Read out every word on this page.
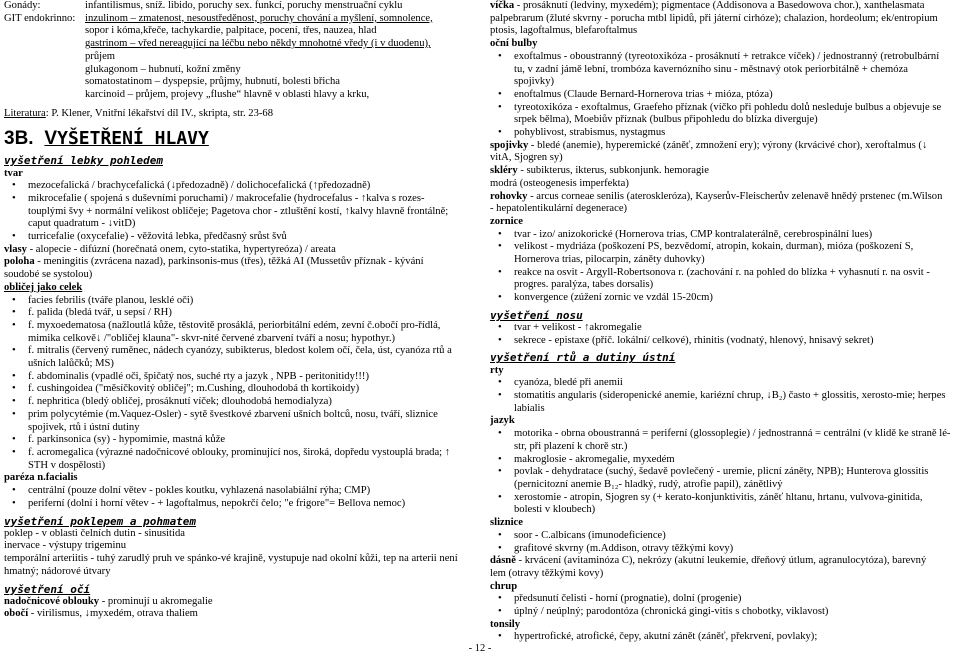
Gonády:	infantilismus, sníž. libido, poruchy sex. funkcí, poruchy menstruační cyklu
GIT endokrinno: inzulinom – zmatenost, nesoustředěnost, poruchy chování a myšlení, somnolence,
sopor i kóma,křeče, tachykardie, palpitace, pocení, třes, nauzea, hlad
gastrinom – vřed nereagující na léčbu nebo někdy mnohotné vředy (i v duodenu),
průjem
glukagonom – hubnutí, kožní změny
somatostatinom – dyspepsie, průjmy, hubnutí, bolesti břicha
karcinoid – průjem, projevy „flushe“ hlavně v oblasti hlavy a krku,
Literatura: P. Klener, Vnitřní lékařství díl IV., skripta, str. 23-68
3B. VYŠETŘENÍ HLAVY
vyšetření lebky pohledem
tvar
• mezocefalická / brachycefalická (↓předozadně) / dolichocefalická (↑předozadně)
• mikrocefalie ( spojená s duševními poruchami) / makrocefalie (hydrocefalus - ↑kalva s rozes-
touplými švy + normální velikost obličeje; Pagetova chor - ztluštění kostí, ↑kalvy hlavně frontálně;
caput quadratum - ↓vitD)
• turricefalie (oxycefalie) - věžovitá lebka, předčasný srůst švů
vlasy - alopecie - difúzní (horečnatá onem, cyto-statika, hypertyreóza) / areata
poloha - meningitis (zvrácena nazad), parkinsonis-mus (třes), těžká AI (Mussetův příznak - kývání
soudobé se systolou)
obličej jako celek
• facies febrilis (tváře planou, lesklé oči)
• f. palida (bledá tvář, u sepsí / RH)
• f. myxoedematosa (nažloutlá kůže, těstovitě prosáklá, periorbitální edém, zevní č.obočí pro-řídlá,
mimika celkově↓ /"obličej klauna"- skvr-nité červené zbarvení tváří a nosu; hypothyr.)
• f. mitralis (červený ruměnec, nádech cyanózy, subikterus, bledost kolem očí, čela, úst, cyanóza rtů a
ušních lalůčků; MS)
• f. abdominalis (vpadlé oči, špičatý nos, suché rty a jazyk , NPB - peritonitidy!!!)
• f. cushingoidea ("měsíčkovitý obličej"; m.Cushing, dlouhodobá th kortikoidy)
• f. nephritica (bledý obličej, prosáknutí víček; dlouhodobá hemodialyza)
• prim polycytémie (m.Vaquez-Osler) - sytě švestkové zbarvení ušních boltců, nosu, tváří, sliznice
spojivek, rtů i ústní dutiny
• f. parkinsonica (sy) - hypomimie, mastná kůže
• f. acromegalica (výrazné nadočnicové oblouky, prominující nos, široká, dopředu vystouplá brada; ↑
STH v dospělosti)
paréza n.facialis
• centrální (pouze dolní větev - pokles koutku, vyhlazená nasolabiální rýha; CMP)
• periferní (dolní i horní větev - + lagoftalmus, nepokrčí čelo; "e frigore"= Bellova nemoc)
vyšetření poklepem a pohmatem
poklep - v oblasti čelních dutin - sinusitida
inervace - výstupy trigeminu
temporální arteriitis - tuhý zarudlý pruh ve spánko-vé krajině, vystupuje nad okolní kůži, tep na arterii není
hmatný; nádorové útvary
vyšetření očí
nadočnicové oblouky - prominují u akromegalie
obočí - virilismus, ↓myxedém, otrava thaliem
víčka - prosáknutí (ledviny, myxedém); pigmentace (Addisonova a Basedowova chor.), xanthelasmata
palpebrarum (žluté skvrny - porucha mtbl lipidů, při játerní cirhóze); chalazion, hordeolum; ek/entropium
ptosis, lagoftalmus, blefaroftalmus
oční bulby
• exoftalmus - oboustranný (tyreotoxikóza - prosáknutí + retrakce víček) / jednostranný (retrobulbární
tu, v zadní jámě lební, trombóza kavernózního sinu - městnavý otok periorbitálně + chemóza
spojivky)
• enoftalmus (Claude Bernard-Hornerova trias + mióza, ptóza)
• tyreotoxikóza - exoftalmus, Graefeho příznak (víčko při pohledu dolů nesleduje bulbus a objevuje se
srpek bělma), Moebiův příznak (bulbus připohledu do blízka diverguje)
• pohyblivost, strabismus, nystagmus
spojivky - bledé (anemie), hyperemické (záněť, zmnožení ery); výrony (krvácivé chor), xeroftalmus (↓
vitA, Sjogren sy)
skléry - subikterus, ikterus, subkonjunk. hemoragie
modrá (osteogenesis imperfekta)
rohovky - arcus corneae senilis (ateroskleróza), Kayserův-Fleischerův zelenavě hnědý prstenec (m.Wilson
- hepatolentikulární degenerace)
zornice
• tvar - izo/ anizokorické (Hornerova trias, CMP kontralaterálně, cerebrospinální lues)
• velikost - mydriáza (poškození PS, bezvědomí, atropin, kokain, durman), mióza (poškození S,
Hornerova trias, pilocarpin, záněty duhovky)
• reakce na osvit - Argyll-Robertsonova r. (zachování r. na pohled do blízka + vyhasnutí r. na osvit -
progres. paralýza, tabes dorsalis)
• konvergence (zúžení zornic ve vzdál 15-20cm)
vyšetření nosu
• tvar + velikost - ↑akromegalie
• sekrece - epistaxe (příč. lokální/ celkové), rhinitis (vodnatý, hlenový, hnisavý sekret)
vyšetření rtů a dutiny ústní
rty
• cyanóza, bledé při anemii
• stomatitis angularis (sideropenické anemie, kariézní chrup, ↓B₂) často + glossitis, xerosto-mie; herpes
labialis
jazyk
• motorika - obrna oboustranná = periferní (glossoplegie) / jednostranná = centrální (v klidě ke straně lé-
str, při plazení k chorě str.)
• makroglosie - akromegalie, myxedém
• povlak - dehydratace (suchý, šedavě povlečený - uremie, plicní záněty, NPB); Hunterova glossitis
(pernicitozní anemie B₁₂- hladký, rudý, atrofie papil), zánětlivý
• xerostomie - atropin, Sjogren sy (+ kerato-konjunktivitis, záněť hltanu, hrtanu, vulvova-ginitida,
bolesti v kloubech)
sliznice
• soor - C.albicans (imunodeficience)
• grafitové skvrny (m.Addison, otravy těžkými kovy)
dásně - krvácení (avitaminóza C), nekrózy (akutní leukemie, dřeňový útlum, agranulocytóza), barevný
lem (otravy těžkými kovy)
chrup
• předsunutí čelisti - horní (prognatie), dolní (progenie)
• úplný / neúplný; parodontóza (chronická gingi-vitis s chobotky, viklavost)
tonsily
• hypertrofické, atrofické, čepy, akutní zánět (záněť, překrvení, povlaky);
- 12 -
